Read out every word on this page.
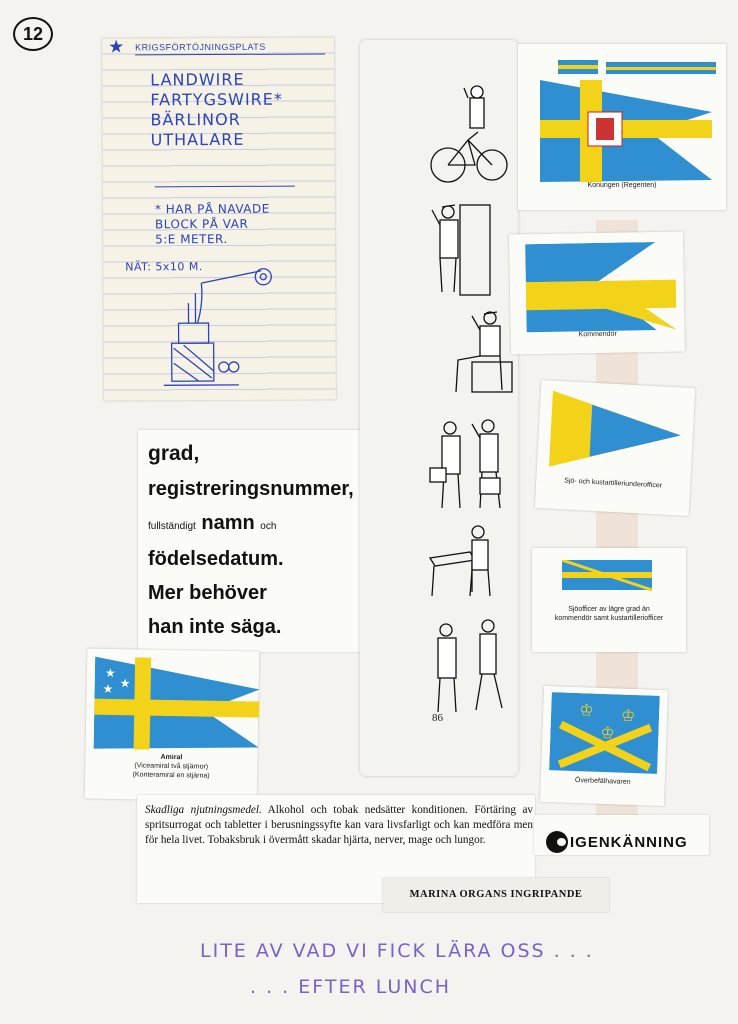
12
★ KRIGSFÖRTÖJNINGSPLATS
LANDWIRE
FARTYGSWIRE*
BÄRLINOR
UTHALARE
* HAR PÅ NAVADE
BLOCK PÅ VAR
5:E METER.
NÄT: 5x10 M.
grad,
registreringsnummer,
fullständigt namn och
födelsedatum.
Mer behöver
han inte säga.
86
Konungen (Regenten)
Kommendör
Sjö- och kustartilleriunderofficer
Sjöofficer av lägre grad än
kommendör samt kustartilleriofficer
★
★
★
Amiral
(Viceamiral två stjärnor)
(Konteramiral en stjärna)
♔ ♔
♔
Överbefälhavaren

Skadliga njutningsmedel. Alkohol och tobak nedsätter konditionen. Förtäring av spritsurrogat och tabletter i berusningssyfte kan vara livsfarligt och kan medföra men för hela livet. Tobaksbruk i övermått skadar hjärta, nerver, mage och lungor.

MARINA ORGANS INGRIPANDE
IGENKÄNNING
LITE AV VAD VI FICK LÄRA OSS . . .
. . . EFTER LUNCH
